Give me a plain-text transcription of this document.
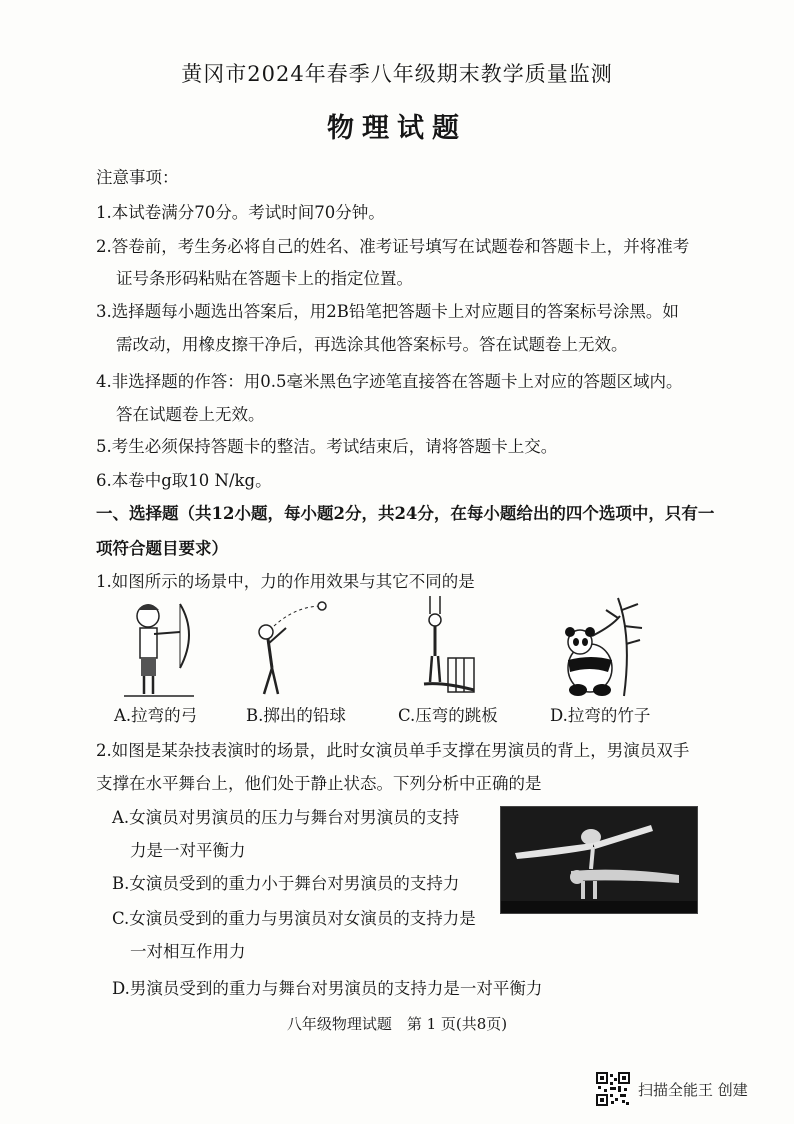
黄冈市2024年春季八年级期末教学质量监测
物理试题
注意事项：
1.本试卷满分70分。考试时间70分钟。
2.答卷前，考生务必将自己的姓名、准考证号填写在试题卷和答题卡上，并将准考
证号条形码粘贴在答题卡上的指定位置。
3.选择题每小题选出答案后，用2B铅笔把答题卡上对应题目的答案标号涂黑。如
需改动，用橡皮擦干净后，再选涂其他答案标号。答在试题卷上无效。
4.非选择题的作答：用0.5毫米黑色字迹笔直接答在答题卡上对应的答题区域内。
答在试题卷上无效。
5.考生必须保持答题卡的整洁。考试结束后，请将答题卡上交。
6.本卷中g取10 N/kg。
一、选择题（共12小题，每小题2分，共24分，在每小题给出的四个选项中，只有一
项符合题目要求）
1.如图所示的场景中，力的作用效果与其它不同的是
A.拉弯的弓	B.掷出的铅球	C.压弯的跳板	D.拉弯的竹子
2.如图是某杂技表演时的场景，此时女演员单手支撑在男演员的背上，男演员双手
支撑在水平舞台上，他们处于静止状态。下列分析中正确的是
A.女演员对男演员的压力与舞台对男演员的支持
力是一对平衡力
B.女演员受到的重力小于舞台对男演员的支持力
C.女演员受到的重力与男演员对女演员的支持力是
一对相互作用力
D.男演员受到的重力与舞台对男演员的支持力是一对平衡力
八年级物理试题　第 1 页(共8页)
扫描全能王 创建
